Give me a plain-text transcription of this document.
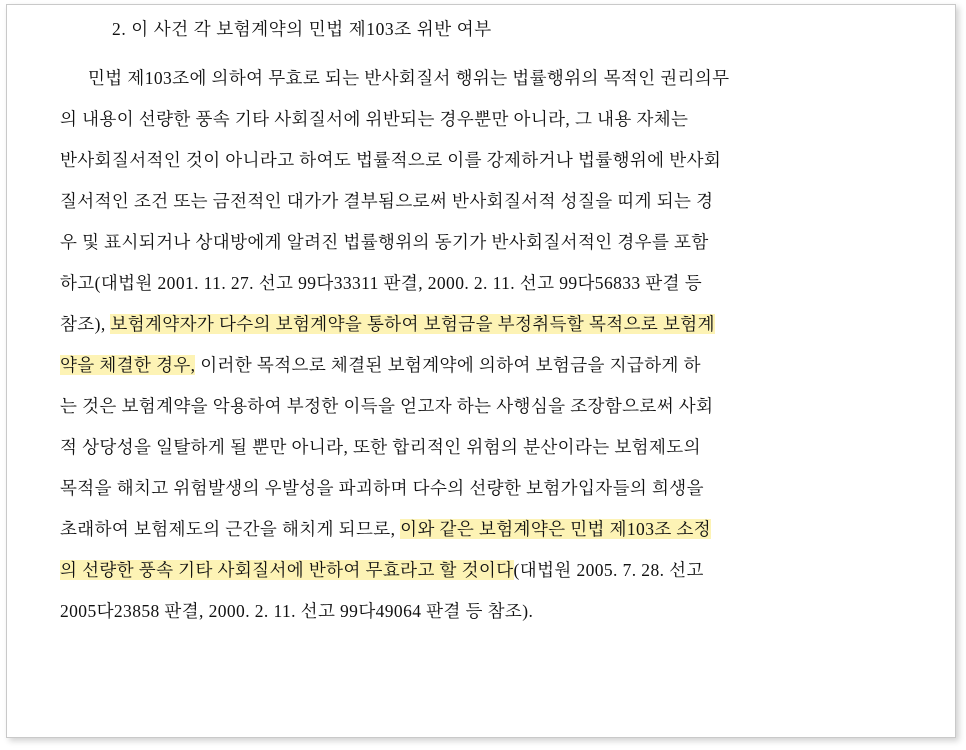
2. 이 사건 각 보험계약의 민법 제103조 위반 여부
민법 제103조에 의하여 무효로 되는 반사회질서 행위는 법률행위의 목적인 권리의무
의 내용이 선량한 풍속 기타 사회질서에 위반되는 경우뿐만 아니라, 그 내용 자체는
반사회질서적인 것이 아니라고 하여도 법률적으로 이를 강제하거나 법률행위에 반사회
질서적인 조건 또는 금전적인 대가가 결부됨으로써 반사회질서적 성질을 띠게 되는 경
우 및 표시되거나 상대방에게 알려진 법률행위의 동기가 반사회질서적인 경우를 포함
하고(대법원 2001. 11. 27. 선고 99다33311 판결, 2000. 2. 11. 선고 99다56833 판결 등
참조), 보험계약자가 다수의 보험계약을 통하여 보험금을 부정취득할 목적으로 보험계
약을 체결한 경우, 이러한 목적으로 체결된 보험계약에 의하여 보험금을 지급하게 하
는 것은 보험계약을 악용하여 부정한 이득을 얻고자 하는 사행심을 조장함으로써 사회
적 상당성을 일탈하게 될 뿐만 아니라, 또한 합리적인 위험의 분산이라는 보험제도의
목적을 해치고 위험발생의 우발성을 파괴하며 다수의 선량한 보험가입자들의 희생을
초래하여 보험제도의 근간을 해치게 되므로, 이와 같은 보험계약은 민법 제103조 소정
의 선량한 풍속 기타 사회질서에 반하여 무효라고 할 것이다(대법원 2005. 7. 28. 선고
2005다23858 판결, 2000. 2. 11. 선고 99다49064 판결 등 참조).
